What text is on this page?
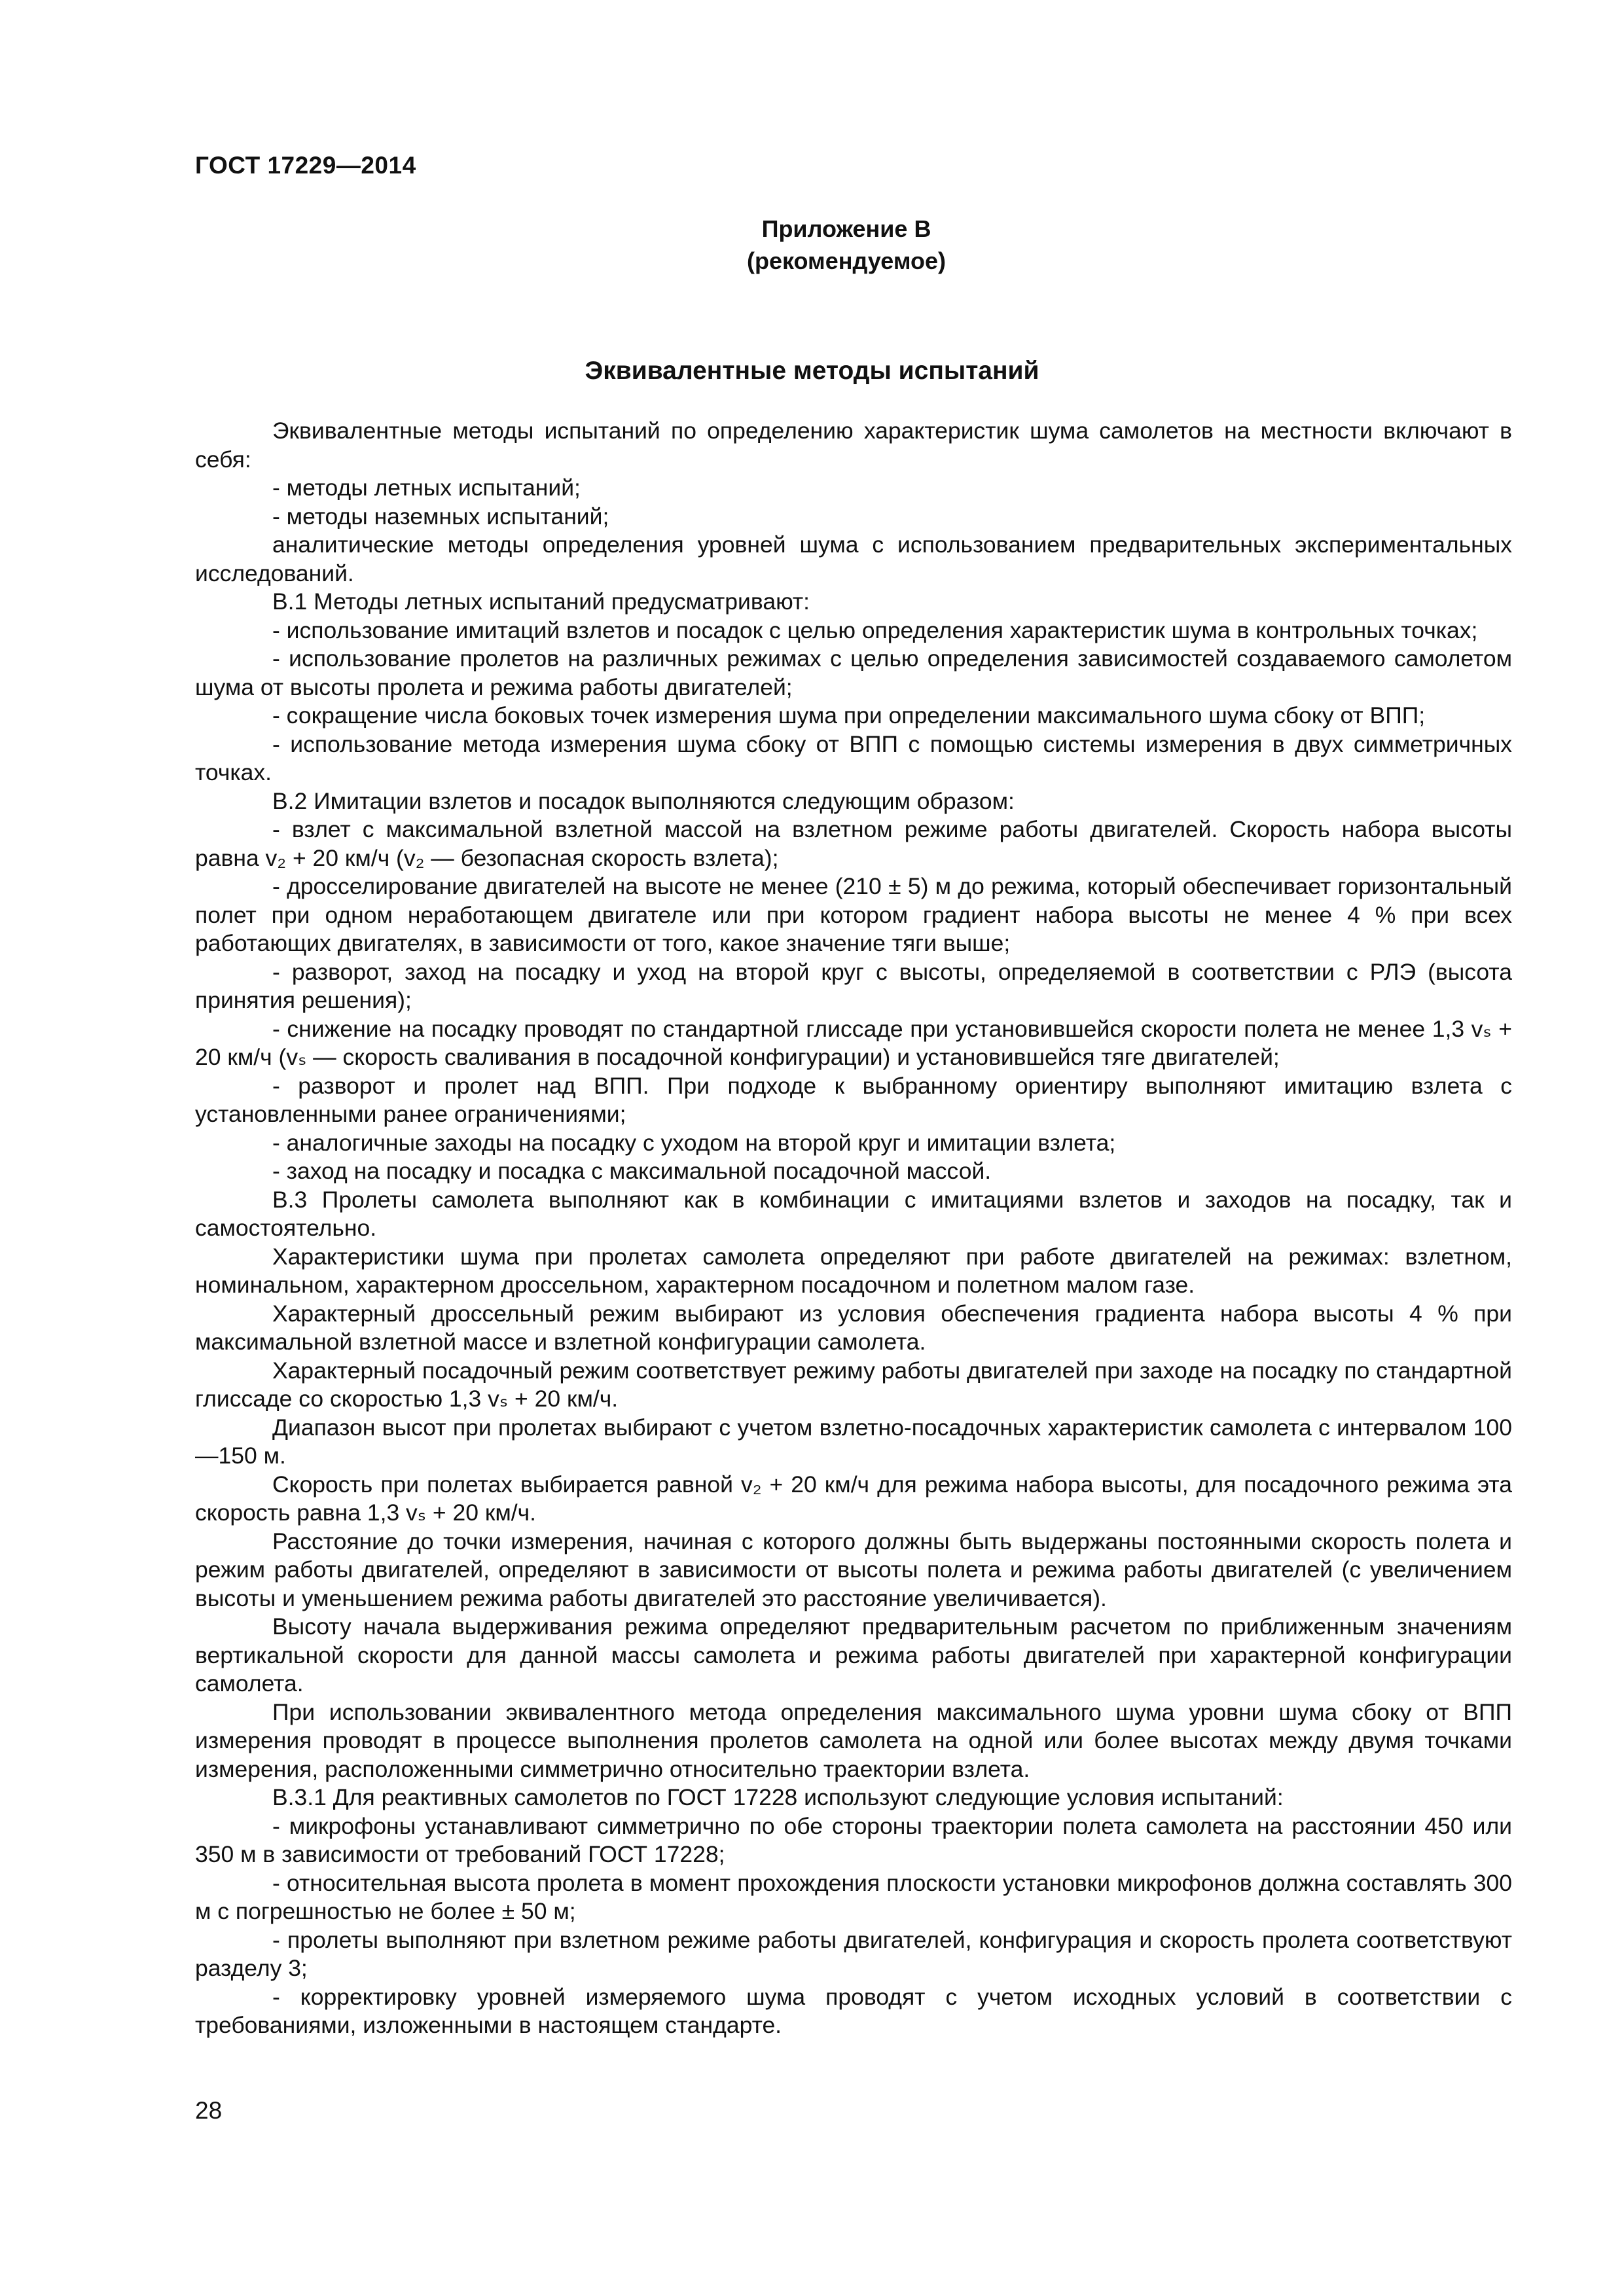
ГОСТ 17229—2014
Приложение В
(рекомендуемое)
Эквивалентные методы испытаний

Эквивалентные методы испытаний по определению характеристик шума самолетов на местности включают в себя:

- методы летных испытаний;

- методы наземных испытаний;

аналитические методы определения уровней шума с использованием предварительных экспериментальных исследований.

В.1 Методы летных испытаний предусматривают:

- использование имитаций взлетов и посадок с целью определения характеристик шума в контрольных точках;

- использование пролетов на различных режимах с целью определения зависимостей создаваемого самолетом шума от высоты пролета и режима работы двигателей;

- сокращение числа боковых точек измерения шума при определении максимального шума сбоку от ВПП;

- использование метода измерения шума сбоку от ВПП с помощью системы измерения в двух симметричных точках.

В.2 Имитации взлетов и посадок выполняются следующим образом:

- взлет с максимальной взлетной массой на взлетном режиме работы двигателей. Скорость набора высоты равна v₂ + 20 км/ч (v₂ — безопасная скорость взлета);

- дросселирование двигателей на высоте не менее (210 ± 5) м до режима, который обеспечивает горизонтальный полет при одном неработающем двигателе или при котором градиент набора высоты не менее 4 % при всех работающих двигателях, в зависимости от того, какое значение тяги выше;

- разворот, заход на посадку и уход на второй круг с высоты, определяемой в соответствии с РЛЭ (высота принятия решения);

- снижение на посадку проводят по стандартной глиссаде при установившейся скорости полета не менее 1,3 vₛ + 20 км/ч (vₛ — скорость сваливания в посадочной конфигурации) и установившейся тяге двигателей;

- разворот и пролет над ВПП. При подходе к выбранному ориентиру выполняют имитацию взлета с установленными ранее ограничениями;

- аналогичные заходы на посадку с уходом на второй круг и имитации взлета;

- заход на посадку и посадка с максимальной посадочной массой.

В.3 Пролеты самолета выполняют как в комбинации с имитациями взлетов и заходов на посадку, так и самостоятельно.

Характеристики шума при пролетах самолета определяют при работе двигателей на режимах: взлетном, номинальном, характерном дроссельном, характерном посадочном и полетном малом газе.

Характерный дроссельный режим выбирают из условия обеспечения градиента набора высоты 4 % при максимальной взлетной массе и взлетной конфигурации самолета.

Характерный посадочный режим соответствует режиму работы двигателей при заходе на посадку по стандартной глиссаде со скоростью 1,3 vₛ + 20 км/ч.

Диапазон высот при пролетах выбирают с учетом взлетно-посадочных характеристик самолета с интервалом 100—150 м.

Скорость при полетах выбирается равной v₂ + 20 км/ч для режима набора высоты, для посадочного режима эта скорость равна 1,3 vₛ + 20 км/ч.

Расстояние до точки измерения, начиная с которого должны быть выдержаны постоянными скорость полета и режим работы двигателей, определяют в зависимости от высоты полета и режима работы двигателей (с увеличением высоты и уменьшением режима работы двигателей это расстояние увеличивается).

Высоту начала выдерживания режима определяют предварительным расчетом по приближенным значениям вертикальной скорости для данной массы самолета и режима работы двигателей при характерной конфигурации самолета.

При использовании эквивалентного метода определения максимального шума уровни шума сбоку от ВПП измерения проводят в процессе выполнения пролетов самолета на одной или более высотах между двумя точками измерения, расположенными симметрично относительно траектории взлета.

В.3.1 Для реактивных самолетов по ГОСТ 17228 используют следующие условия испытаний:

- микрофоны устанавливают симметрично по обе стороны траектории полета самолета на расстоянии 450 или 350 м в зависимости от требований ГОСТ 17228;

- относительная высота пролета в момент прохождения плоскости установки микрофонов должна составлять 300 м с погрешностью не более ± 50 м;

- пролеты выполняют при взлетном режиме работы двигателей, конфигурация и скорость пролета соответствуют разделу 3;

- корректировку уровней измеряемого шума проводят с учетом исходных условий в соответствии с требованиями, изложенными в настоящем стандарте.

28
